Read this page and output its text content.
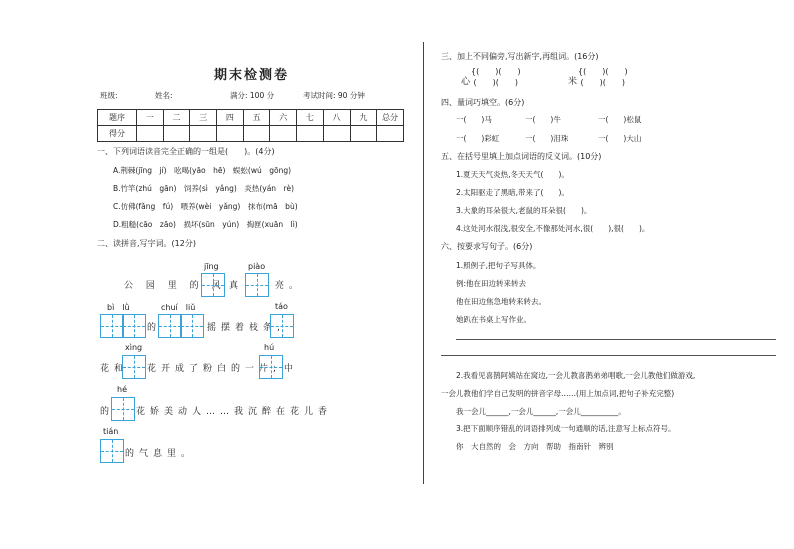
期末检测卷
班级:	姓名:	满分: 100 分	考试时间: 90 分钟
题序	一	二	三	四	五	六	七	八	九	总分
得分										
一、下列词语读音完全正确的一组是(　　)。(4分)
A.荆棘(jīng　jí)　吆喝(yāo　hē)　蜈蚣(wú　gōng)
B.竹竿(zhú　gān)　饲养(sì　yǎng)　炎热(yán　rè)
C.仿佛(fǎng　fú)　喂养(wèi　yǎng)　抹布(mā　bù)
D.粗糙(cāo　zāo)　损坏(sūn　yún)　掏匣(xuān　lì)
二、读拼音,写字词。(12分)
jīng	piào
公 园 里 的 风 真	亮。
bì　lǜ	chuí　liǔ	táo
的	摇摆着枝条,
xìng	hú
花和 花开成了粉白的一片; 中
hé
的 花娇美动人……我沉醉在花儿香
tián
的气息里。
三、加上不同偏旁,写出新字,再组词。(16分)
心
{(　　)(　　)
(　　)(　　)	米
{(　　)(　　)
(　　)(　　)
四、量词巧填空。(6分)
一(　　)马	一(　　)牛	一(　　)松鼠
一(　　)彩虹	一(　　)泪珠	一(　　)大山
五、在括号里填上加点词语的反义词。(10分)
1.夏天天气炎热,冬天天气(　　)。
2.太阳驱走了黑暗,带来了(　　)。
3.大象的耳朵很大,老鼠的耳朵很(　　)。
4.这处河水很浅,很安全,不像那处河水,很(　　),很(　　)。
六、按要求写句子。(6分)
1.照例子,把句子写具体。
例:他在田边转来转去
他在田边焦急地转来转去。
她趴在书桌上写作业。
2.我看见喜鹊阿姨站在窝边,一会儿教喜鹊弟弟唱歌,一会儿教他们做游戏,
一会儿教他们学自己发明的拼音字母……(用上加点词,把句子补充完整)
我一会儿______,一会儿______,一会儿__________。
3.把下面顺序错乱的词语排列成一句通顺的话,注意写上标点符号。
你　大自然的　会　方向　帮助　指南针　辨别
